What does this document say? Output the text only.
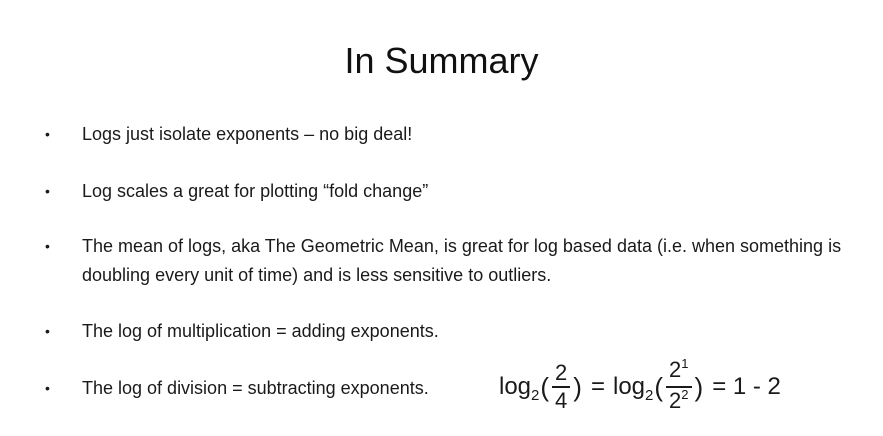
In Summary
• Logs just isolate exponents – no big deal!
• Log scales a great for plotting “fold change”
• The mean of logs, aka The Geometric Mean, is great for log based data (i.e. when something is doubling every unit of time) and is less sensitive to outliers.
• The log of multiplication = adding exponents.
• The log of division = subtracting exponents.	log 2 ( $\frac{2}{4}$ ) = log 2 ( $\frac{2^1}{2^2}$ ) = 1 - 2
